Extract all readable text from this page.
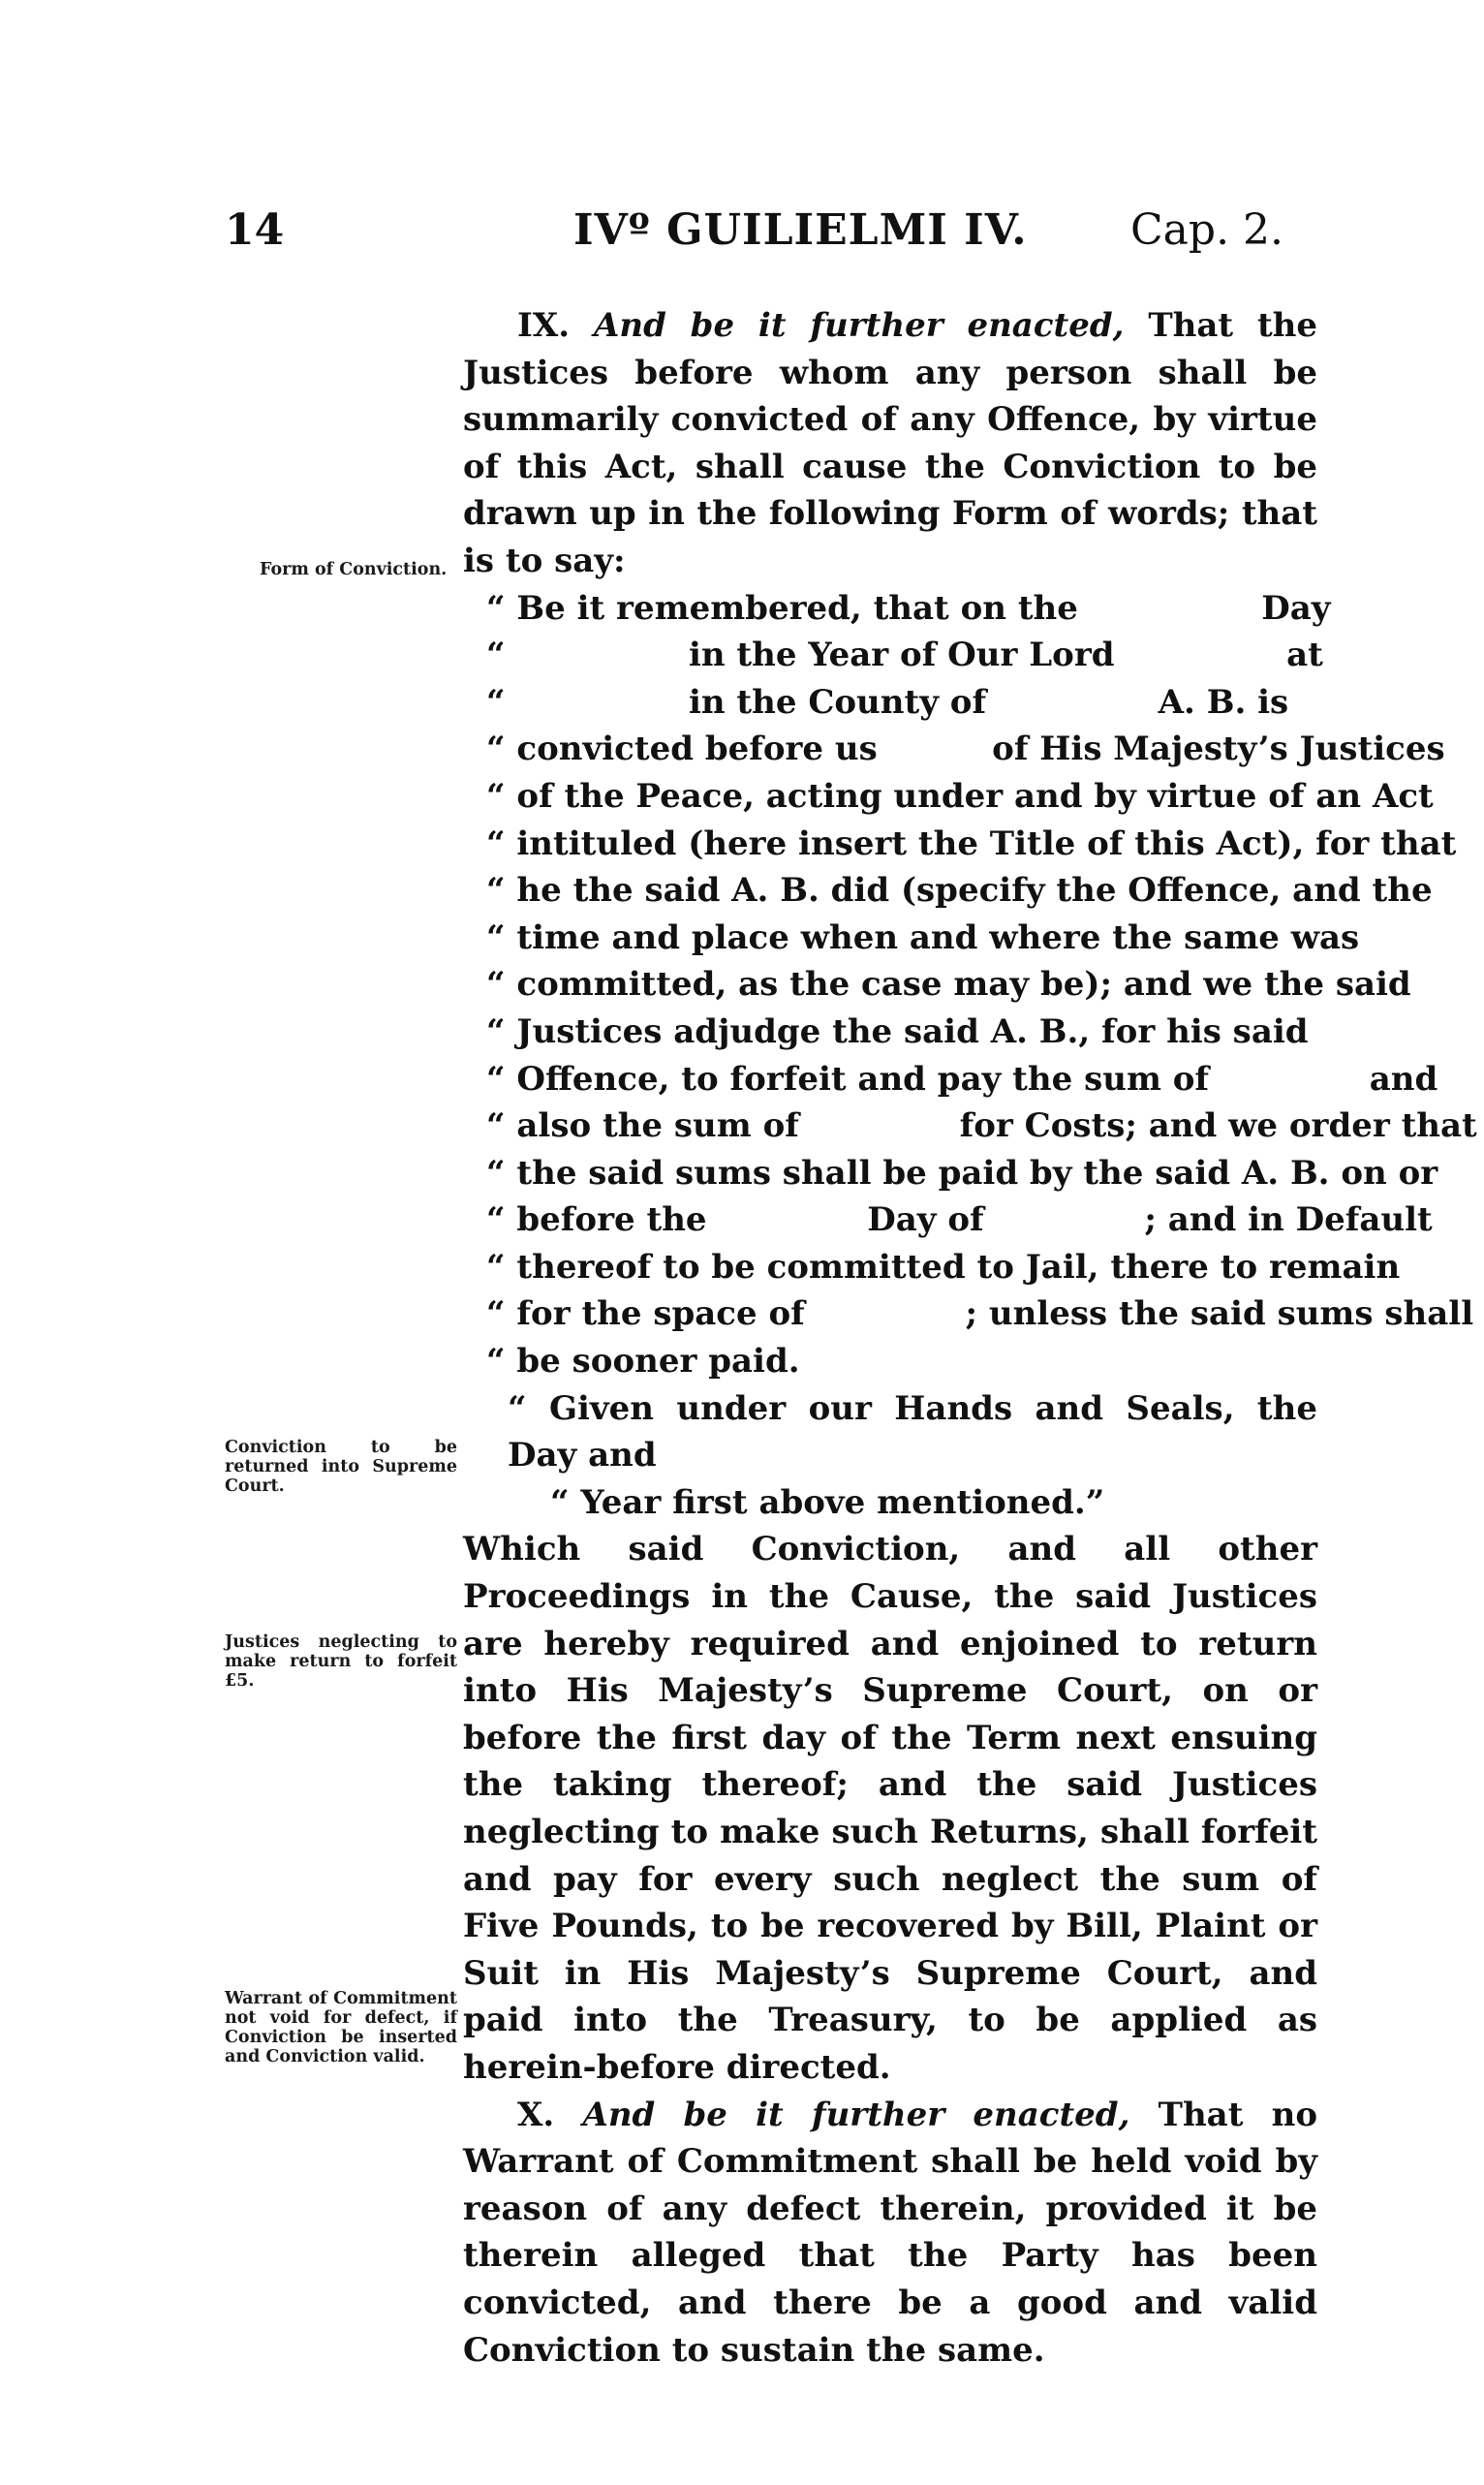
14	IVº GUILIELMI IV. Cap. 2.
Form of Conviction.
Conviction to be returned into Supreme Court.
Justices neglecting to make return to forfeit £5.
Warrant of Commitment not void for defect, if Conviction be inserted and Conviction valid.

IX. And be it further enacted, That the Justices before whom any person shall be summarily convicted of any Offence, by virtue of this Act, shall cause the Conviction to be drawn up in the following Form of words; that is to say:

“ Be it remembered, that on the                Day

“                in the Year of Our Lord               at

“                in the County of               A. B. is

“ convicted before us          of His Majesty’s Justices

“ of the Peace, acting under and by virtue of an Act

“ intituled (here insert the Title of this Act), for that

“ he the said A. B. did (specify the Offence, and the

“ time and place when and where the same was

“ committed, as the case may be); and we the said

“ Justices adjudge the said A. B., for his said

“ Offence, to forfeit and pay the sum of              and

“ also the sum of              for Costs; and we order that

“ the said sums shall be paid by the said A. B. on or

“ before the              Day of              ; and in Default

“ thereof to be committed to Jail, there to remain

“ for the space of              ; unless the said sums shall

“ be sooner paid.

“ Given under our Hands and Seals, the Day and

“ Year first above mentioned.”

Which said Conviction, and all other Proceedings in the Cause, the said Justices are hereby required and enjoined to return into His Majesty’s Supreme Court, on or before the first day of the Term next ensuing the taking thereof; and the said Justices neglecting to make such Returns, shall forfeit and pay for every such neglect the sum of Five Pounds, to be recovered by Bill, Plaint or Suit in His Majesty’s Supreme Court, and paid into the Treasury, to be applied as herein-before directed.

X. And be it further enacted, That no Warrant of Commitment shall be held void by reason of any defect therein, provided it be therein alleged that the Party has been convicted, and there be a good and valid Conviction to sustain the same.
